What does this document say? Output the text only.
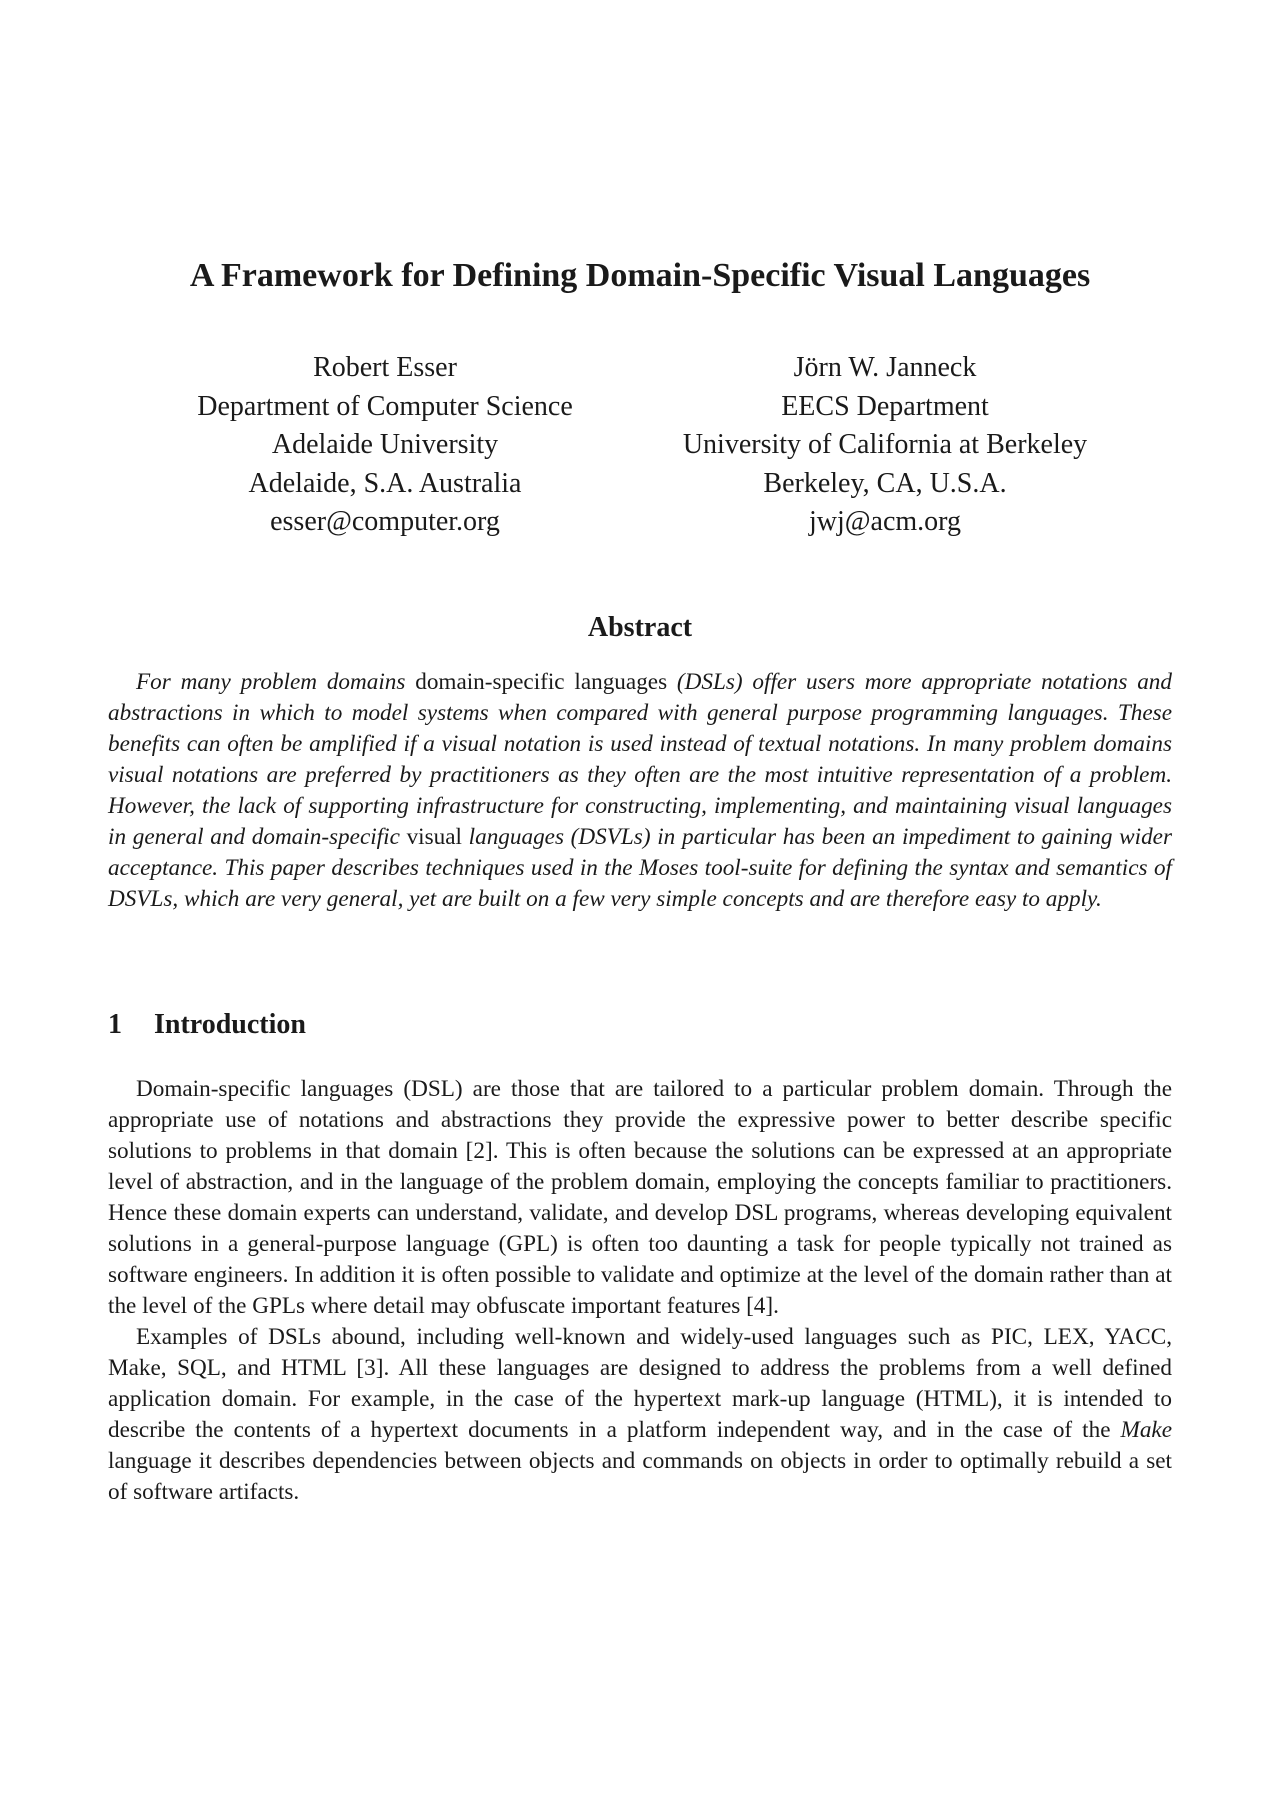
A Framework for Defining Domain-Specific Visual Languages
Robert Esser
Department of Computer Science
Adelaide University
Adelaide, S.A. Australia
esser@computer.org
Jörn W. Janneck
EECS Department
University of California at Berkeley
Berkeley, CA, U.S.A.
jwj@acm.org
Abstract

For many problem domains domain-specific languages (DSLs) offer users more appropriate notations and abstractions in which to model systems when compared with general purpose programming languages. These benefits can often be amplified if a visual notation is used instead of textual notations. In many problem domains visual notations are preferred by practitioners as they often are the most intuitive representation of a problem. However, the lack of supporting infrastructure for constructing, implementing, and maintaining visual languages in general and domain-specific visual languages (DSVLs) in particular has been an impediment to gaining wider acceptance. This paper describes techniques used in the Moses tool-suite for defining the syntax and semantics of DSVLs, which are very general, yet are built on a few very simple concepts and are therefore easy to apply.

1 Introduction

Domain-specific languages (DSL) are those that are tailored to a particular problem domain. Through the appropriate use of notations and abstractions they provide the expressive power to better describe specific solutions to problems in that domain [2]. This is often because the solutions can be expressed at an appropriate level of abstraction, and in the language of the problem domain, employing the concepts familiar to practitioners. Hence these domain experts can understand, validate, and develop DSL programs, whereas developing equivalent solutions in a general-purpose language (GPL) is often too daunting a task for people typically not trained as software engineers. In addition it is often possible to validate and optimize at the level of the domain rather than at the level of the GPLs where detail may obfuscate important features [4].

Examples of DSLs abound, including well-known and widely-used languages such as PIC, LEX, YACC, Make, SQL, and HTML [3]. All these languages are designed to address the problems from a well defined application domain. For example, in the case of the hypertext mark-up language (HTML), it is intended to describe the contents of a hypertext documents in a platform independent way, and in the case of the Make language it describes dependencies between objects and commands on objects in order to optimally rebuild a set of software artifacts.
